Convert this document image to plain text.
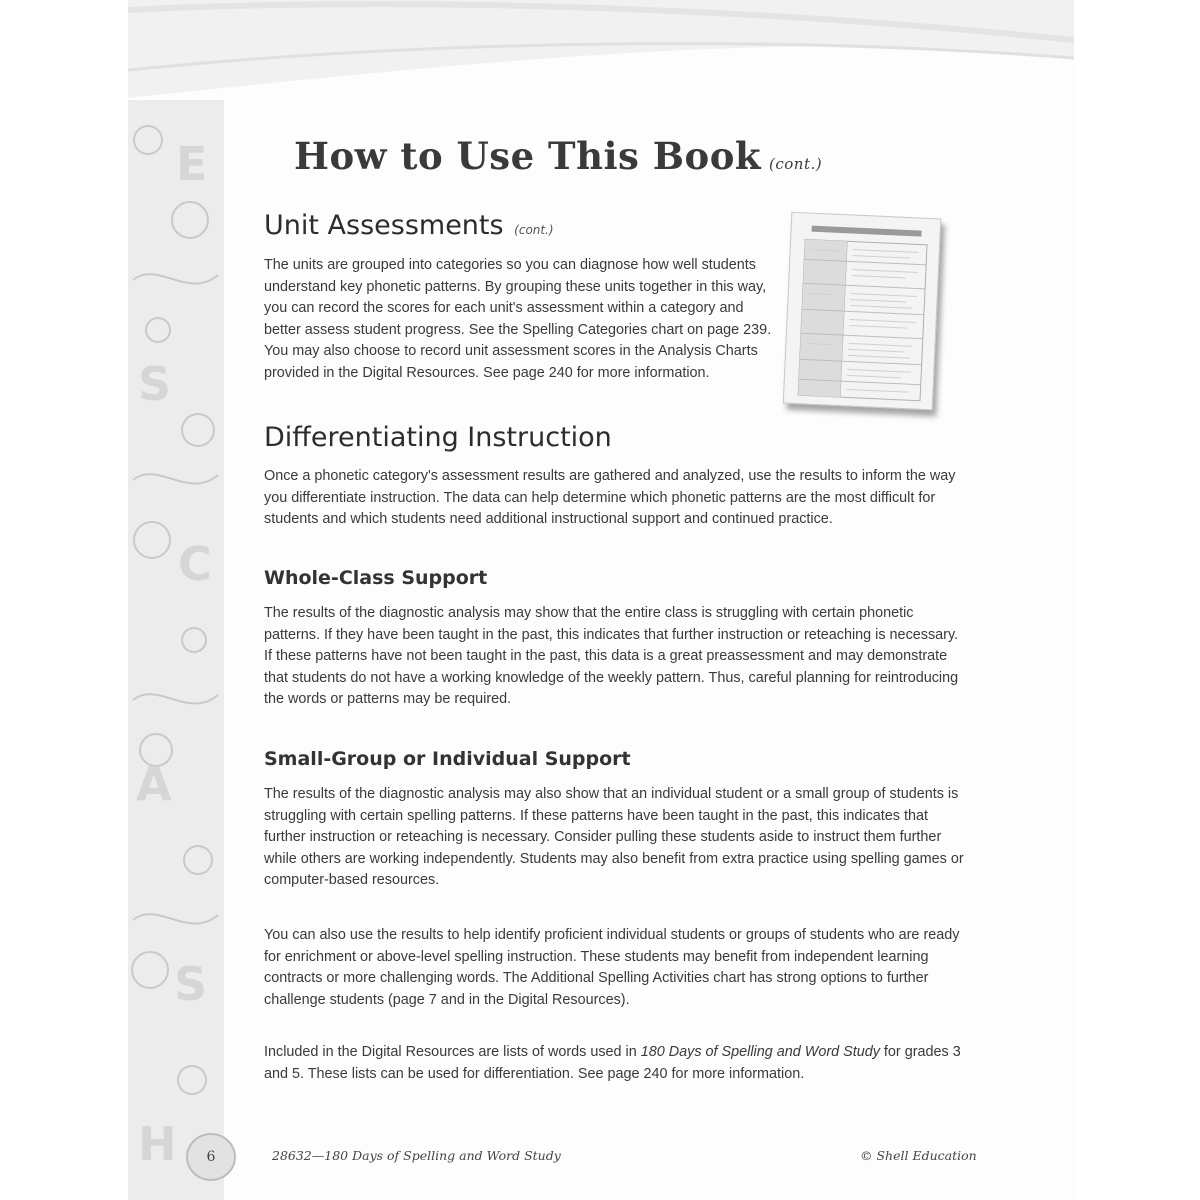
E
S
C
A
S
H
How to Use This Book (cont.)
Unit Assessments (cont.)

The units are grouped into categories so you can diagnose how well students understand key phonetic patterns. By grouping these units together in this way, you can record the scores for each unit's assessment within a category and better assess student progress. See the Spelling Categories chart on page 239. You may also choose to record unit assessment scores in the Analysis Charts provided in the Digital Resources. See page 240 for more information.

Differentiating Instruction

Once a phonetic category's assessment results are gathered and analyzed, use the results to inform the way you differentiate instruction. The data can help determine which phonetic patterns are the most difficult for students and which students need additional instructional support and continued practice.

Whole-Class Support

The results of the diagnostic analysis may show that the entire class is struggling with certain phonetic patterns. If they have been taught in the past, this indicates that further instruction or reteaching is necessary. If these patterns have not been taught in the past, this data is a great preassessment and may demonstrate that students do not have a working knowledge of the weekly pattern. Thus, careful planning for reintroducing the words or patterns may be required.

Small-Group or Individual Support

The results of the diagnostic analysis may also show that an individual student or a small group of students is struggling with certain spelling patterns. If these patterns have been taught in the past, this indicates that further instruction or reteaching is necessary. Consider pulling these students aside to instruct them further while others are working independently. Students may also benefit from extra practice using spelling games or computer-based resources.

You can also use the results to help identify proficient individual students or groups of students who are ready for enrichment or above-level spelling instruction. These students may benefit from independent learning contracts or more challenging words. The Additional Spelling Activities chart has strong options to further challenge students (page 7 and in the Digital Resources).

Included in the Digital Resources are lists of words used in 180 Days of Spelling and Word Study for grades 3 and 5. These lists can be used for differentiation. See page 240 for more information.

6	28632—180 Days of Spelling and Word Study	© Shell Education
